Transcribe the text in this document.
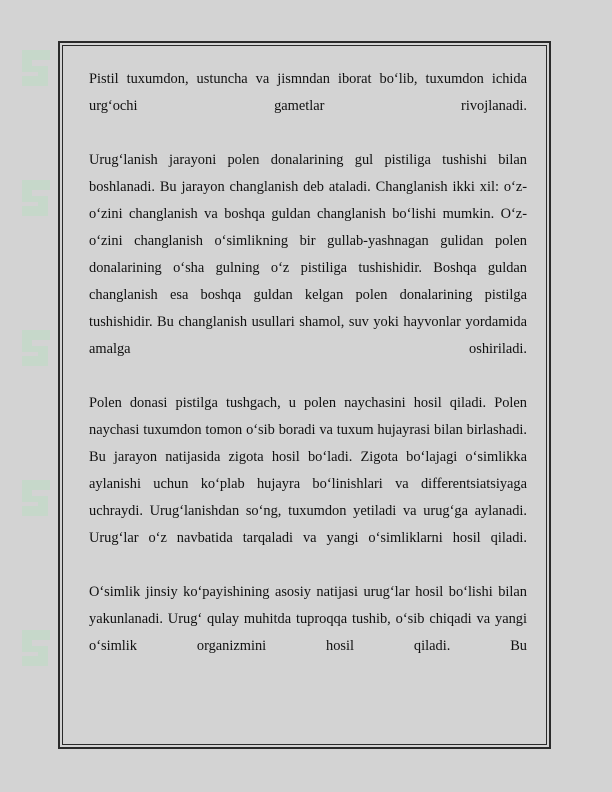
Pistil tuxumdon, ustuncha va jismndan iborat bo‘lib, tuxumdon ichida urg‘ochi gametlar rivojlanadi.

Urug‘lanish jarayoni polen donalarining gul pistiliga tushishi bilan boshlanadi. Bu jarayon changlanish deb ataladi. Changlanish ikki xil: o‘z-o‘zini changlanish va boshqa guldan changlanish bo‘lishi mumkin. O‘z-o‘zini changlanish o‘simlikning bir gullab-yashnagan gulidan polen donalarining o‘sha gulning o‘z pistiliga tushishidir. Boshqa guldan changlanish esa boshqa guldan kelgan polen donalarining pistilga tushishidir. Bu changlanish usullari shamol, suv yoki hayvonlar yordamida amalga oshiriladi.

Polen donasi pistilga tushgach, u polen naychasini hosil qiladi. Polen naychasi tuxumdon tomon o‘sib boradi va tuxum hujayrasi bilan birlashadi. Bu jarayon natijasida zigota hosil bo‘ladi. Zigota bo‘lajagi o‘simlikka aylanishi uchun ko‘plab hujayra bo‘linishlari va differentsiatsiyaga uchraydi. Urug‘lanishdan so‘ng, tuxumdon yetiladi va urug‘ga aylanadi. Urug‘lar o‘z navbatida tarqaladi va yangi o‘simliklarni hosil qiladi.

O‘simlik jinsiy ko‘payishining asosiy natijasi urug‘lar hosil bo‘lishi bilan yakunlanadi. Urug‘ qulay muhitda tuproqqa tushib, o‘sib chiqadi va yangi o‘simlik organizmini hosil qiladi. Bu
